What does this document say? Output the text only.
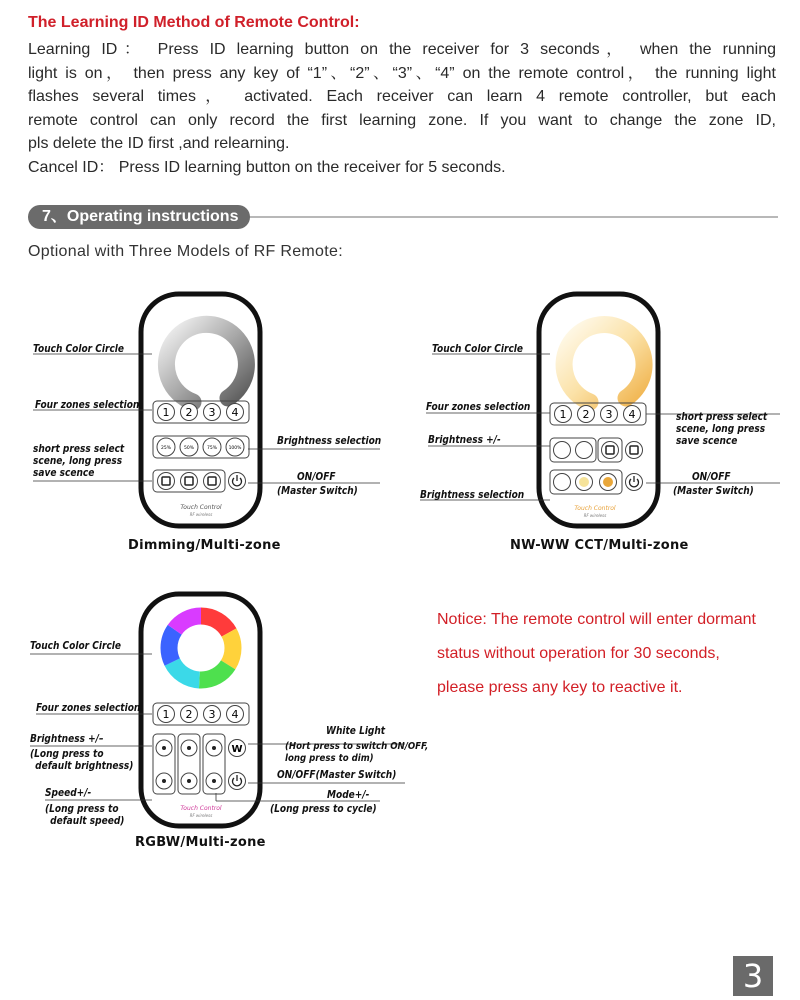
The Learning ID Method of Remote Control:
Learning ID： Press ID learning button on the receiver for 3 seconds， when the running
light is on， then press any key of “1”、“2”、“3”、“4” on the remote control， the running light
flashes several times， activated. Each receiver can learn 4 remote controller, but each
remote control can only record the first learning zone. If you want to change the zone ID,
pls delete the ID first ,and relearning.
Cancel ID： Press ID learning button on the receiver for 5 seconds.
7、Operating instructions
Optional with Three Models of RF Remote:
1 2 3 4
25%	50%	75%	100%
Touch Control
RF wireless
Touch Color Circle
Four zones selection
short press select
scene, long press
save scence
Brightness selection
ON/OFF
(Master Switch)
Dimming/Multi-zone
1 2 3 4
Touch Control
RF wireless
Touch Color Circle
Four zones selection
Brightness +/-
Brightness selection
short press select
scene, long press
save scence
ON/OFF
(Master Switch)
NW-WW CCT/Multi-zone
1 2 3 4
W
Touch Control
RF wireless
Touch Color Circle
Four zones selection
Brightness +/–
(Long press to
default brightness)
Speed+/-
(Long press to
default speed)
White Light
(Hort press to switch ON/OFF,
long press to dim)
ON/OFF(Master Switch)
Mode+/-
(Long press to cycle)
RGBW/Multi-zone
Notice: The remote control will enter dormant
status without operation for 30 seconds,
please press any key to reactive it.
3
